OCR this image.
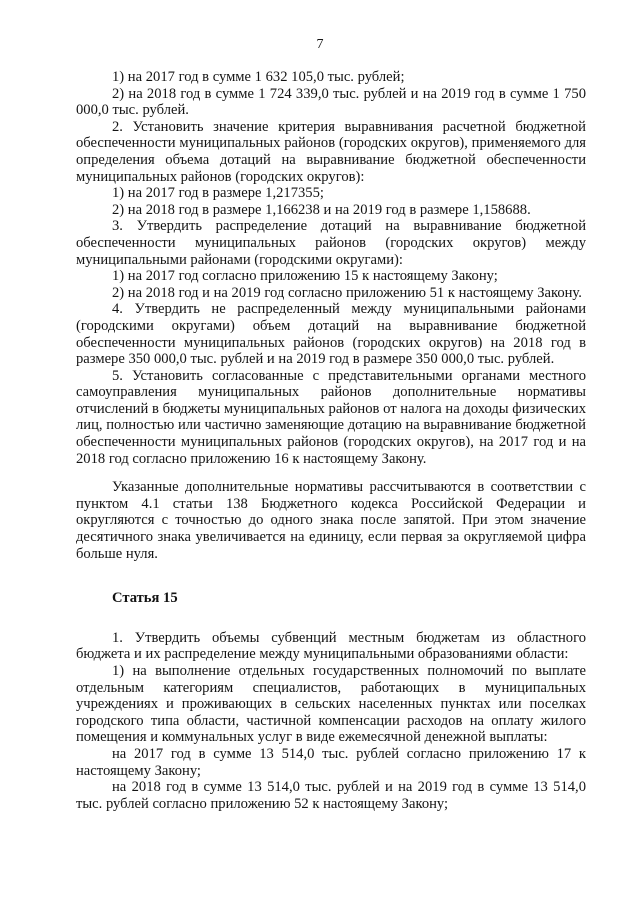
7

1) на 2017 год в сумме 1 632 105,0 тыс. рублей;

2) на 2018 год в сумме 1 724 339,0 тыс. рублей и на 2019 год в сумме 1 750 000,0 тыс. рублей.

2. Установить значение критерия выравнивания расчетной бюджетной обеспеченности муниципальных районов (городских округов), применяемого для определения объема дотаций на выравнивание бюджетной обеспеченности муниципальных районов (городских округов):

1) на 2017 год в размере 1,217355;

2) на 2018 год в размере 1,166238 и на 2019 год в размере 1,158688.

3. Утвердить распределение дотаций на выравнивание бюджетной обеспеченности муниципальных районов (городских округов) между муниципальными районами (городскими округами):

1) на 2017 год согласно приложению 15 к настоящему Закону;

2) на 2018 год и на 2019 год согласно приложению 51 к настоящему Закону.

4. Утвердить не распределенный между муниципальными районами (городскими округами) объем дотаций на выравнивание бюджетной обеспеченности муниципальных районов (городских округов) на 2018 год в размере 350 000,0 тыс. рублей и на 2019 год в размере 350 000,0 тыс. рублей.

5. Установить согласованные с представительными органами местного самоуправления муниципальных районов дополнительные нормативы отчислений в бюджеты муниципальных районов от налога на доходы физических лиц, полностью или частично заменяющие дотацию на выравнивание бюджетной обеспеченности муниципальных районов (городских округов), на 2017 год и на 2018 год согласно приложению 16 к настоящему Закону.

Указанные дополнительные нормативы рассчитываются в соответствии с пунктом 4.1 статьи 138 Бюджетного кодекса Российской Федерации и округляются с точностью до одного знака после запятой. При этом значение десятичного знака увеличивается на единицу, если первая за округляемой цифра больше нуля.

Статья 15

1. Утвердить объемы субвенций местным бюджетам из областного бюджета и их распределение между муниципальными образованиями области:

1) на выполнение отдельных государственных полномочий по выплате отдельным категориям специалистов, работающих в муниципальных учреждениях и проживающих в сельских населенных пунктах или поселках городского типа области, частичной компенсации расходов на оплату жилого помещения и коммунальных услуг в виде ежемесячной денежной выплаты:

на 2017 год в сумме 13 514,0 тыс. рублей согласно приложению 17 к настоящему Закону;

на 2018 год в сумме 13 514,0 тыс. рублей и на 2019 год в сумме 13 514,0 тыс. рублей согласно приложению 52 к настоящему Закону;
